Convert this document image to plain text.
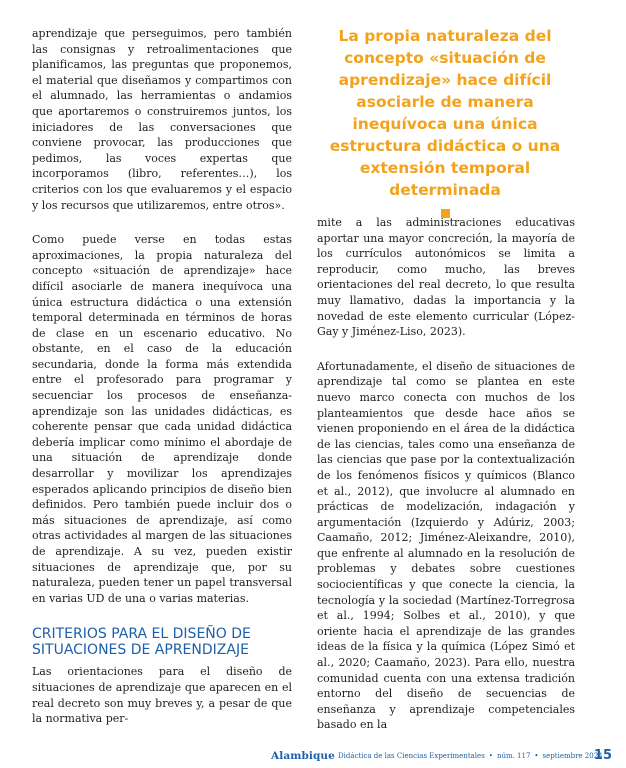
aprendizaje que perseguimos, pero también las consignas y retroalimentaciones que planificamos, las preguntas que proponemos, el material que diseñamos y compartimos con el alumnado, las herramientas o andamios que aportaremos o construiremos juntos, los iniciadores de las conversaciones que conviene provocar, las producciones que pedimos, las voces expertas que incorporamos (libro, referentes…), los criterios con los que evaluaremos y el espacio y los recursos que utilizaremos, entre otros».

Como puede verse en todas estas aproximaciones, la propia naturaleza del concepto «situación de aprendizaje» hace difícil asociarle de manera inequívoca una única estructura didáctica o una extensión temporal determinada en términos de horas de clase en un escenario educativo. No obstante, en el caso de la educación secundaria, donde la forma más extendida entre el profesorado para programar y secuenciar los procesos de enseñanza-aprendizaje son las unidades didácticas, es coherente pensar que cada unidad didáctica debería implicar como mínimo el abordaje de una situación de aprendizaje donde desarrollar y movilizar los aprendizajes esperados aplicando principios de diseño bien definidos. Pero también puede incluir dos o más situaciones de aprendizaje, así como otras actividades al margen de las situaciones de aprendizaje. A su vez, pueden existir situaciones de aprendizaje que, por su naturaleza, pueden tener un papel transversal en varias UD de una o varias materias.

CRITERIOS PARA EL DISEÑO DE SITUACIONES DE APRENDIZAJE

Las orientaciones para el diseño de situaciones de aprendizaje que aparecen en el real decreto son muy breves y, a pesar de que la normativa per-

La propia naturaleza del concepto «situación de aprendizaje» hace difícil asociarle de manera inequívoca una única estructura didáctica o una extensión temporal determinada

mite a las administraciones educativas aportar una mayor concreción, la mayoría de los currículos autonómicos se limita a reproducir, como mucho, las breves orientaciones del real decreto, lo que resulta muy llamativo, dadas la importancia y la novedad de este elemento curricular (López-Gay y Jiménez-Liso, 2023).

Afortunadamente, el diseño de situaciones de aprendizaje tal como se plantea en este nuevo marco conecta con muchos de los planteamientos que desde hace años se vienen proponiendo en el área de la didáctica de las ciencias, tales como una enseñanza de las ciencias que pase por la contextualización de los fenómenos físicos y químicos (Blanco et al., 2012), que involucre al alumnado en prácticas de modelización, indagación y argumentación (Izquierdo y Adúriz, 2003; Caamaño, 2012; Jiménez-Aleixandre, 2010), que enfrente al alumnado en la resolución de problemas y debates sobre cuestiones sociocientíficas y que conecte la ciencia, la tecnología y la sociedad (Martínez-Torregrosa et al., 1994; Solbes et al., 2010), y que oriente hacia el aprendizaje de las grandes ideas de la física y la química (López Simó et al., 2020; Caamaño, 2023). Para ello, nuestra comunidad cuenta con una extensa tradición entorno del diseño de secuencias de enseñanza y aprendizaje competenciales basado en la

Alambique Didáctica de las Ciencias Experimentales • núm. 117 • septiembre 2024
15
